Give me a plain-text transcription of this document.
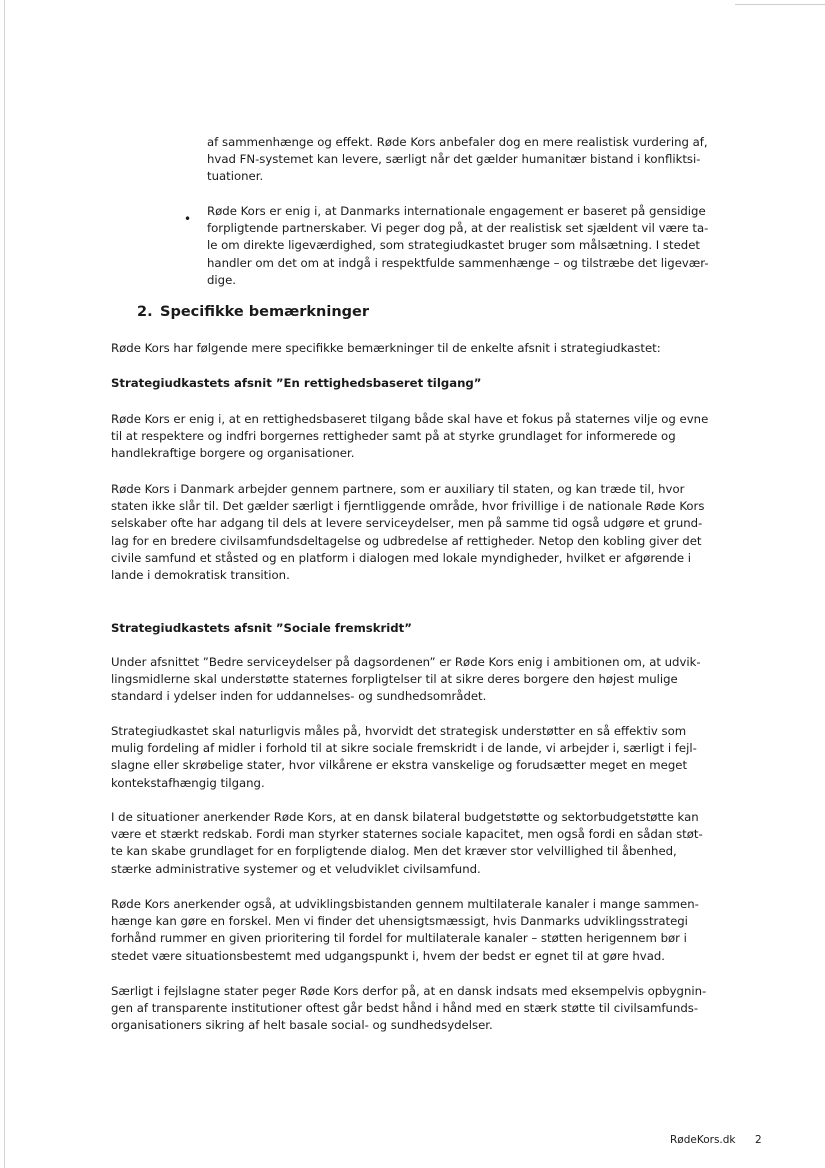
af sammenhænge og effekt. Røde Kors anbefaler dog en mere realistisk vurdering af,
hvad FN-systemet kan levere, særligt når det gælder humanitær bistand i konfliktsi-
tuationer.
•
Røde Kors er enig i, at Danmarks internationale engagement er baseret på gensidige
forpligtende partnerskaber. Vi peger dog på, at der realistisk set sjældent vil være ta-
le om direkte ligeværdighed, som strategiudkastet bruger som målsætning. I stedet
handler om det om at indgå i respektfulde sammenhænge – og tilstræbe det ligevær-
dige.
2. Specifikke bemærkninger
Røde Kors har følgende mere specifikke bemærkninger til de enkelte afsnit i strategiudkastet:
Strategiudkastets afsnit ”En rettighedsbaseret tilgang”
Røde Kors er enig i, at en rettighedsbaseret tilgang både skal have et fokus på staternes vilje og evne
til at respektere og indfri borgernes rettigheder samt på at styrke grundlaget for informerede og
handlekraftige borgere og organisationer.
Røde Kors i Danmark arbejder gennem partnere, som er auxiliary til staten, og kan træde til, hvor
staten ikke slår til. Det gælder særligt i fjerntliggende område, hvor frivillige i de nationale Røde Kors
selskaber ofte har adgang til dels at levere serviceydelser, men på samme tid også udgøre et grund-
lag for en bredere civilsamfundsdeltagelse og udbredelse af rettigheder. Netop den kobling giver det
civile samfund et ståsted og en platform i dialogen med lokale myndigheder, hvilket er afgørende i
lande i demokratisk transition.
Strategiudkastets afsnit ”Sociale fremskridt”
Under afsnittet ”Bedre serviceydelser på dagsordenen” er Røde Kors enig i ambitionen om, at udvik-
lingsmidlerne skal understøtte staternes forpligtelser til at sikre deres borgere den højest mulige
standard i ydelser inden for uddannelses- og sundhedsområdet.
Strategiudkastet skal naturligvis måles på, hvorvidt det strategisk understøtter en så effektiv som
mulig fordeling af midler i forhold til at sikre sociale fremskridt i de lande, vi arbejder i, særligt i fejl-
slagne eller skrøbelige stater, hvor vilkårene er ekstra vanskelige og forudsætter meget en meget
kontekstafhængig tilgang.
I de situationer anerkender Røde Kors, at en dansk bilateral budgetstøtte og sektorbudgetstøtte kan
være et stærkt redskab. Fordi man styrker staternes sociale kapacitet, men også fordi en sådan støt-
te kan skabe grundlaget for en forpligtende dialog. Men det kræver stor velvillighed til åbenhed,
stærke administrative systemer og et veludviklet civilsamfund.
Røde Kors anerkender også, at udviklingsbistanden gennem multilaterale kanaler i mange sammen-
hænge kan gøre en forskel. Men vi finder det uhensigtsmæssigt, hvis Danmarks udviklingsstrategi
forhånd rummer en given prioritering til fordel for multilaterale kanaler – støtten herigennem bør i
stedet være situationsbestemt med udgangspunkt i, hvem der bedst er egnet til at gøre hvad.
Særligt i fejlslagne stater peger Røde Kors derfor på, at en dansk indsats med eksempelvis opbygnin-
gen af transparente institutioner oftest går bedst hånd i hånd med en stærk støtte til civilsamfunds-
organisationers sikring af helt basale social- og sundhedsydelser.
RødeKors.dk 2
